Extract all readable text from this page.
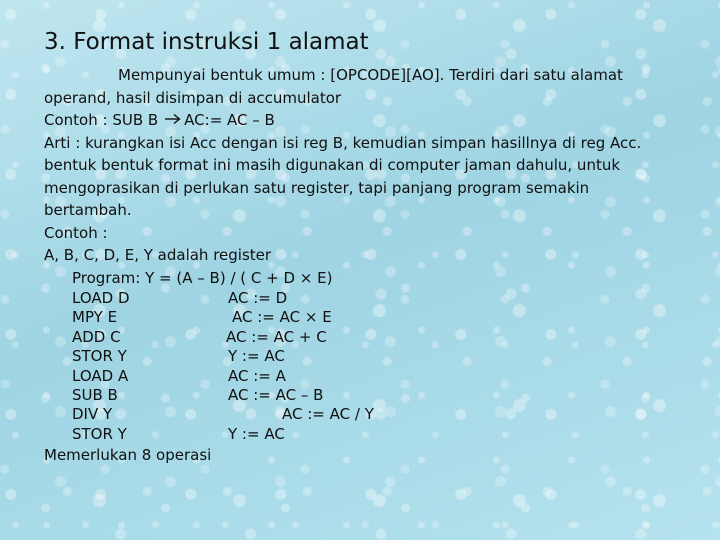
3. Format instruksi 1 alamat
Mempunyai bentuk umum : [OPCODE][AO]. Terdiri dari satu alamat
operand, hasil disimpan di accumulator
Contoh : SUB B AC:= AC – B
Arti : kurangkan isi Acc dengan isi reg B, kemudian simpan hasillnya di reg Acc.
bentuk bentuk format ini masih digunakan di computer jaman dahulu, untuk
mengoprasikan di perlukan satu register, tapi panjang program semakin
bertambah.
Contoh :
A, B, C, D, E, Y adalah register
Program: Y = (A – B) / ( C + D × E)
LOAD D	AC := D
MPY E	AC := AC × E
ADD C	AC := AC + C
STOR Y	Y := AC
LOAD A	AC := A
SUB B	AC := AC – B
DIV Y	AC := AC / Y
STOR Y	Y := AC
Memerlukan 8 operasi
